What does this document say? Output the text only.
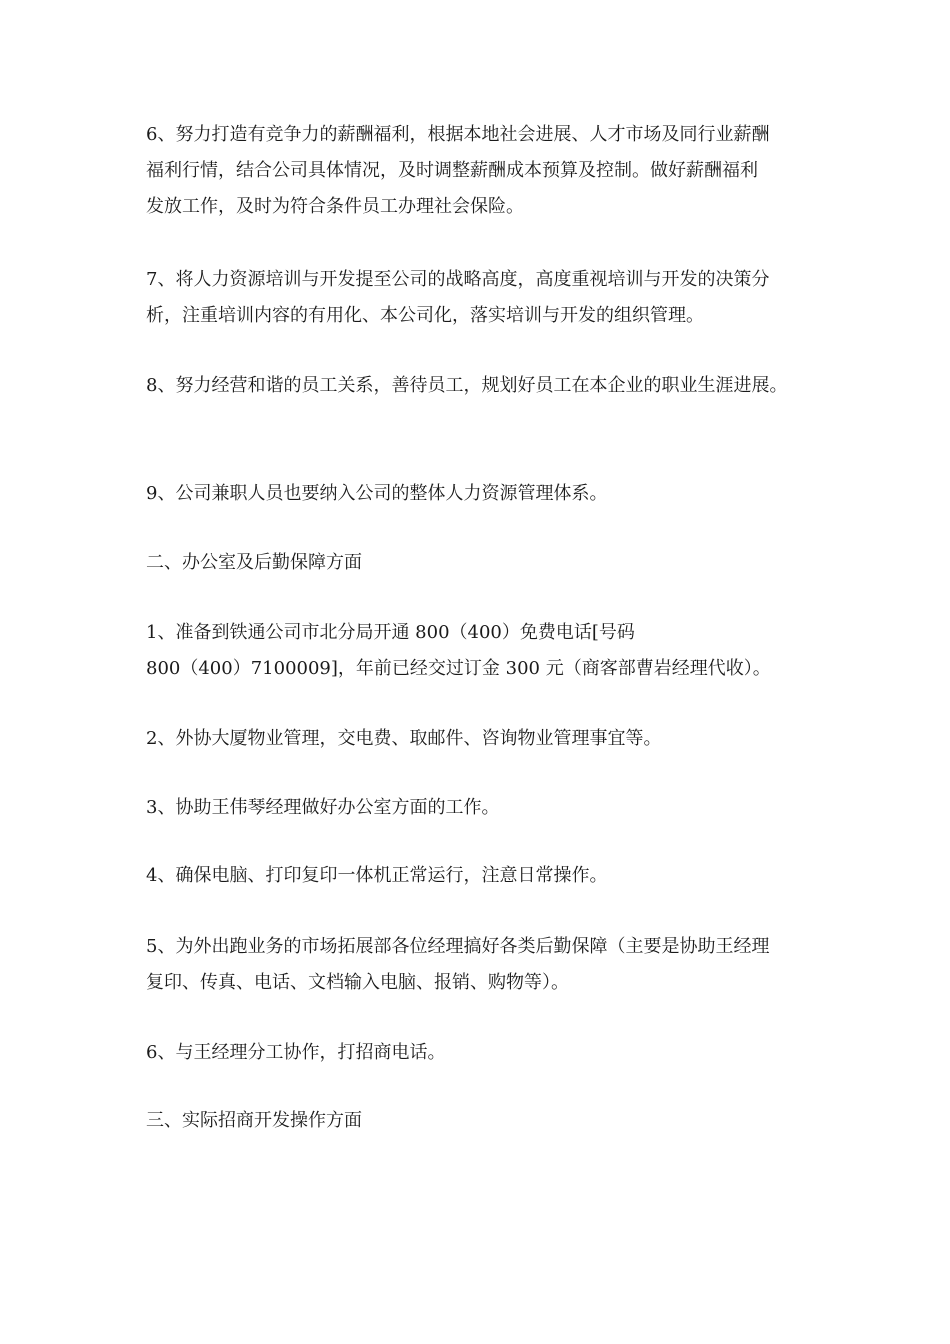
6、努力打造有竞争力的薪酬福利，根据本地社会进展、人才市场及同行业薪酬
福利行情，结合公司具体情况，及时调整薪酬成本预算及控制。做好薪酬福利
发放工作，及时为符合条件员工办理社会保险。

7、将人力资源培训与开发提至公司的战略高度，高度重视培训与开发的决策分
析，注重培训内容的有用化、本公司化，落实培训与开发的组织管理。

8、努力经营和谐的员工关系，善待员工，规划好员工在本企业的职业生涯进展。

9、公司兼职人员也要纳入公司的整体人力资源管理体系。

二、办公室及后勤保障方面

1、准备到铁通公司市北分局开通 800（400）免费电话[号码
800（400）7100009]，年前已经交过订金 300 元（商客部曹岩经理代收）。

2、外协大厦物业管理，交电费、取邮件、咨询物业管理事宜等。

3、协助王伟琴经理做好办公室方面的工作。

4、确保电脑、打印复印一体机正常运行，注意日常操作。

5、为外出跑业务的市场拓展部各位经理搞好各类后勤保障（主要是协助王经理
复印、传真、电话、文档输入电脑、报销、购物等）。

6、与王经理分工协作，打招商电话。

三、实际招商开发操作方面
